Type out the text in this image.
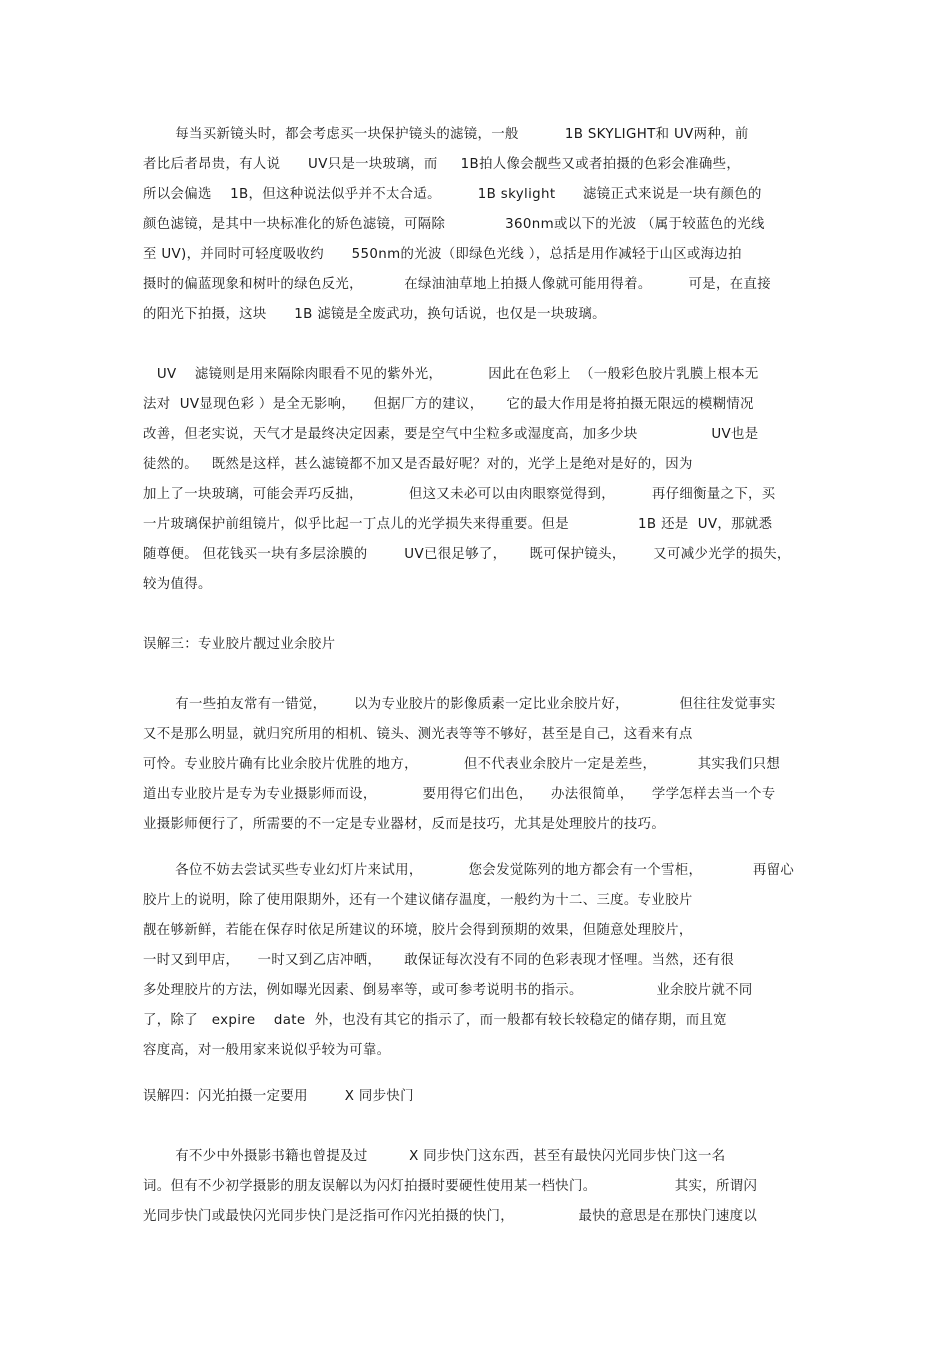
每当买新镜头时，都会考虑买一块保护镜头的滤镜，一般          1B SKYLIGHT和 UV两种，前
者比后者昂贵，有人说      UV只是一块玻璃，而     1B拍人像会靓些又或者拍摄的色彩会准确些，
所以会偏选    1B，但这种说法似乎并不太合适。        1B skylight      滤镜正式来说是一块有颜色的
颜色滤镜，是其中一块标准化的矫色滤镜，可隔除             360nm或以下的光波 （属于较蓝色的光线
至 UV)，并同时可轻度吸收约      550nm的光波（即绿色光线 ），总括是用作减轻于山区或海边拍
摄时的偏蓝现象和树叶的绿色反光，         在绿油油草地上拍摄人像就可能用得着。        可是，在直接
的阳光下拍摄，这块      1B 滤镜是全废武功，换句话说，也仅是一块玻璃。
UV    滤镜则是用来隔除肉眼看不见的紫外光，          因此在色彩上  （一般彩色胶片乳膜上根本无
法对  UV显现色彩 ）是全无影响，    但据厂方的建议，     它的最大作用是将拍摄无限远的模糊情况
改善，但老实说，天气才是最终决定因素，要是空气中尘粒多或湿度高，加多少块                UV也是
徒然的。   既然是这样，甚么滤镜都不加又是否最好呢？对的，光学上是绝对是好的，因为
加上了一块玻璃，可能会弄巧反拙，          但这又未必可以由肉眼察觉得到，        再仔细衡量之下，买
一片玻璃保护前组镜片，似乎比起一丁点儿的光学损失来得重要。但是               1B 还是  UV，那就悉
随尊便。 但花钱买一块有多层涂膜的        UV已很足够了，     既可保护镜头，      又可减少光学的损失，
较为值得。
误解三：专业胶片靓过业余胶片
有一些拍友常有一错觉，      以为专业胶片的影像质素一定比业余胶片好，           但往往发觉事实
又不是那么明显，就归究所用的相机、镜头、测光表等等不够好，甚至是自己，这看来有点
可怜。专业胶片确有比业余胶片优胜的地方，          但不代表业余胶片一定是差些，         其实我们只想
道出专业胶片是专为专业摄影师而设，          要用得它们出色，    办法很简单，    学学怎样去当一个专
业摄影师便行了，所需要的不一定是专业器材，反而是技巧，尤其是处理胶片的技巧。
各位不妨去尝试买些专业幻灯片来试用，          您会发觉陈列的地方都会有一个雪柜，           再留心
胶片上的说明，除了使用限期外，还有一个建议储存温度，一般约为十二、三度。专业胶片
靓在够新鲜，若能在保存时依足所建议的环境，胶片会得到预期的效果，但随意处理胶片，
一时又到甲店，    一时又到乙店冲晒，     敢保证每次没有不同的色彩表现才怪哩。当然，还有很
多处理胶片的方法，例如曝光因素、倒易率等，或可参考说明书的指示。                业余胶片就不同
了，除了   expire    date  外，也没有其它的指示了，而一般都有较长较稳定的储存期，而且宽
容度高，对一般用家来说似乎较为可靠。
误解四：闪光拍摄一定要用        X 同步快门
有不少中外摄影书籍也曾提及过         X 同步快门这东西，甚至有最快闪光同步快门这一名
词。但有不少初学摄影的朋友误解以为闪灯拍摄时要硬性使用某一档快门。                 其实，所谓闪
光同步快门或最快闪光同步快门是泛指可作闪光拍摄的快门，              最快的意思是在那快门速度以
